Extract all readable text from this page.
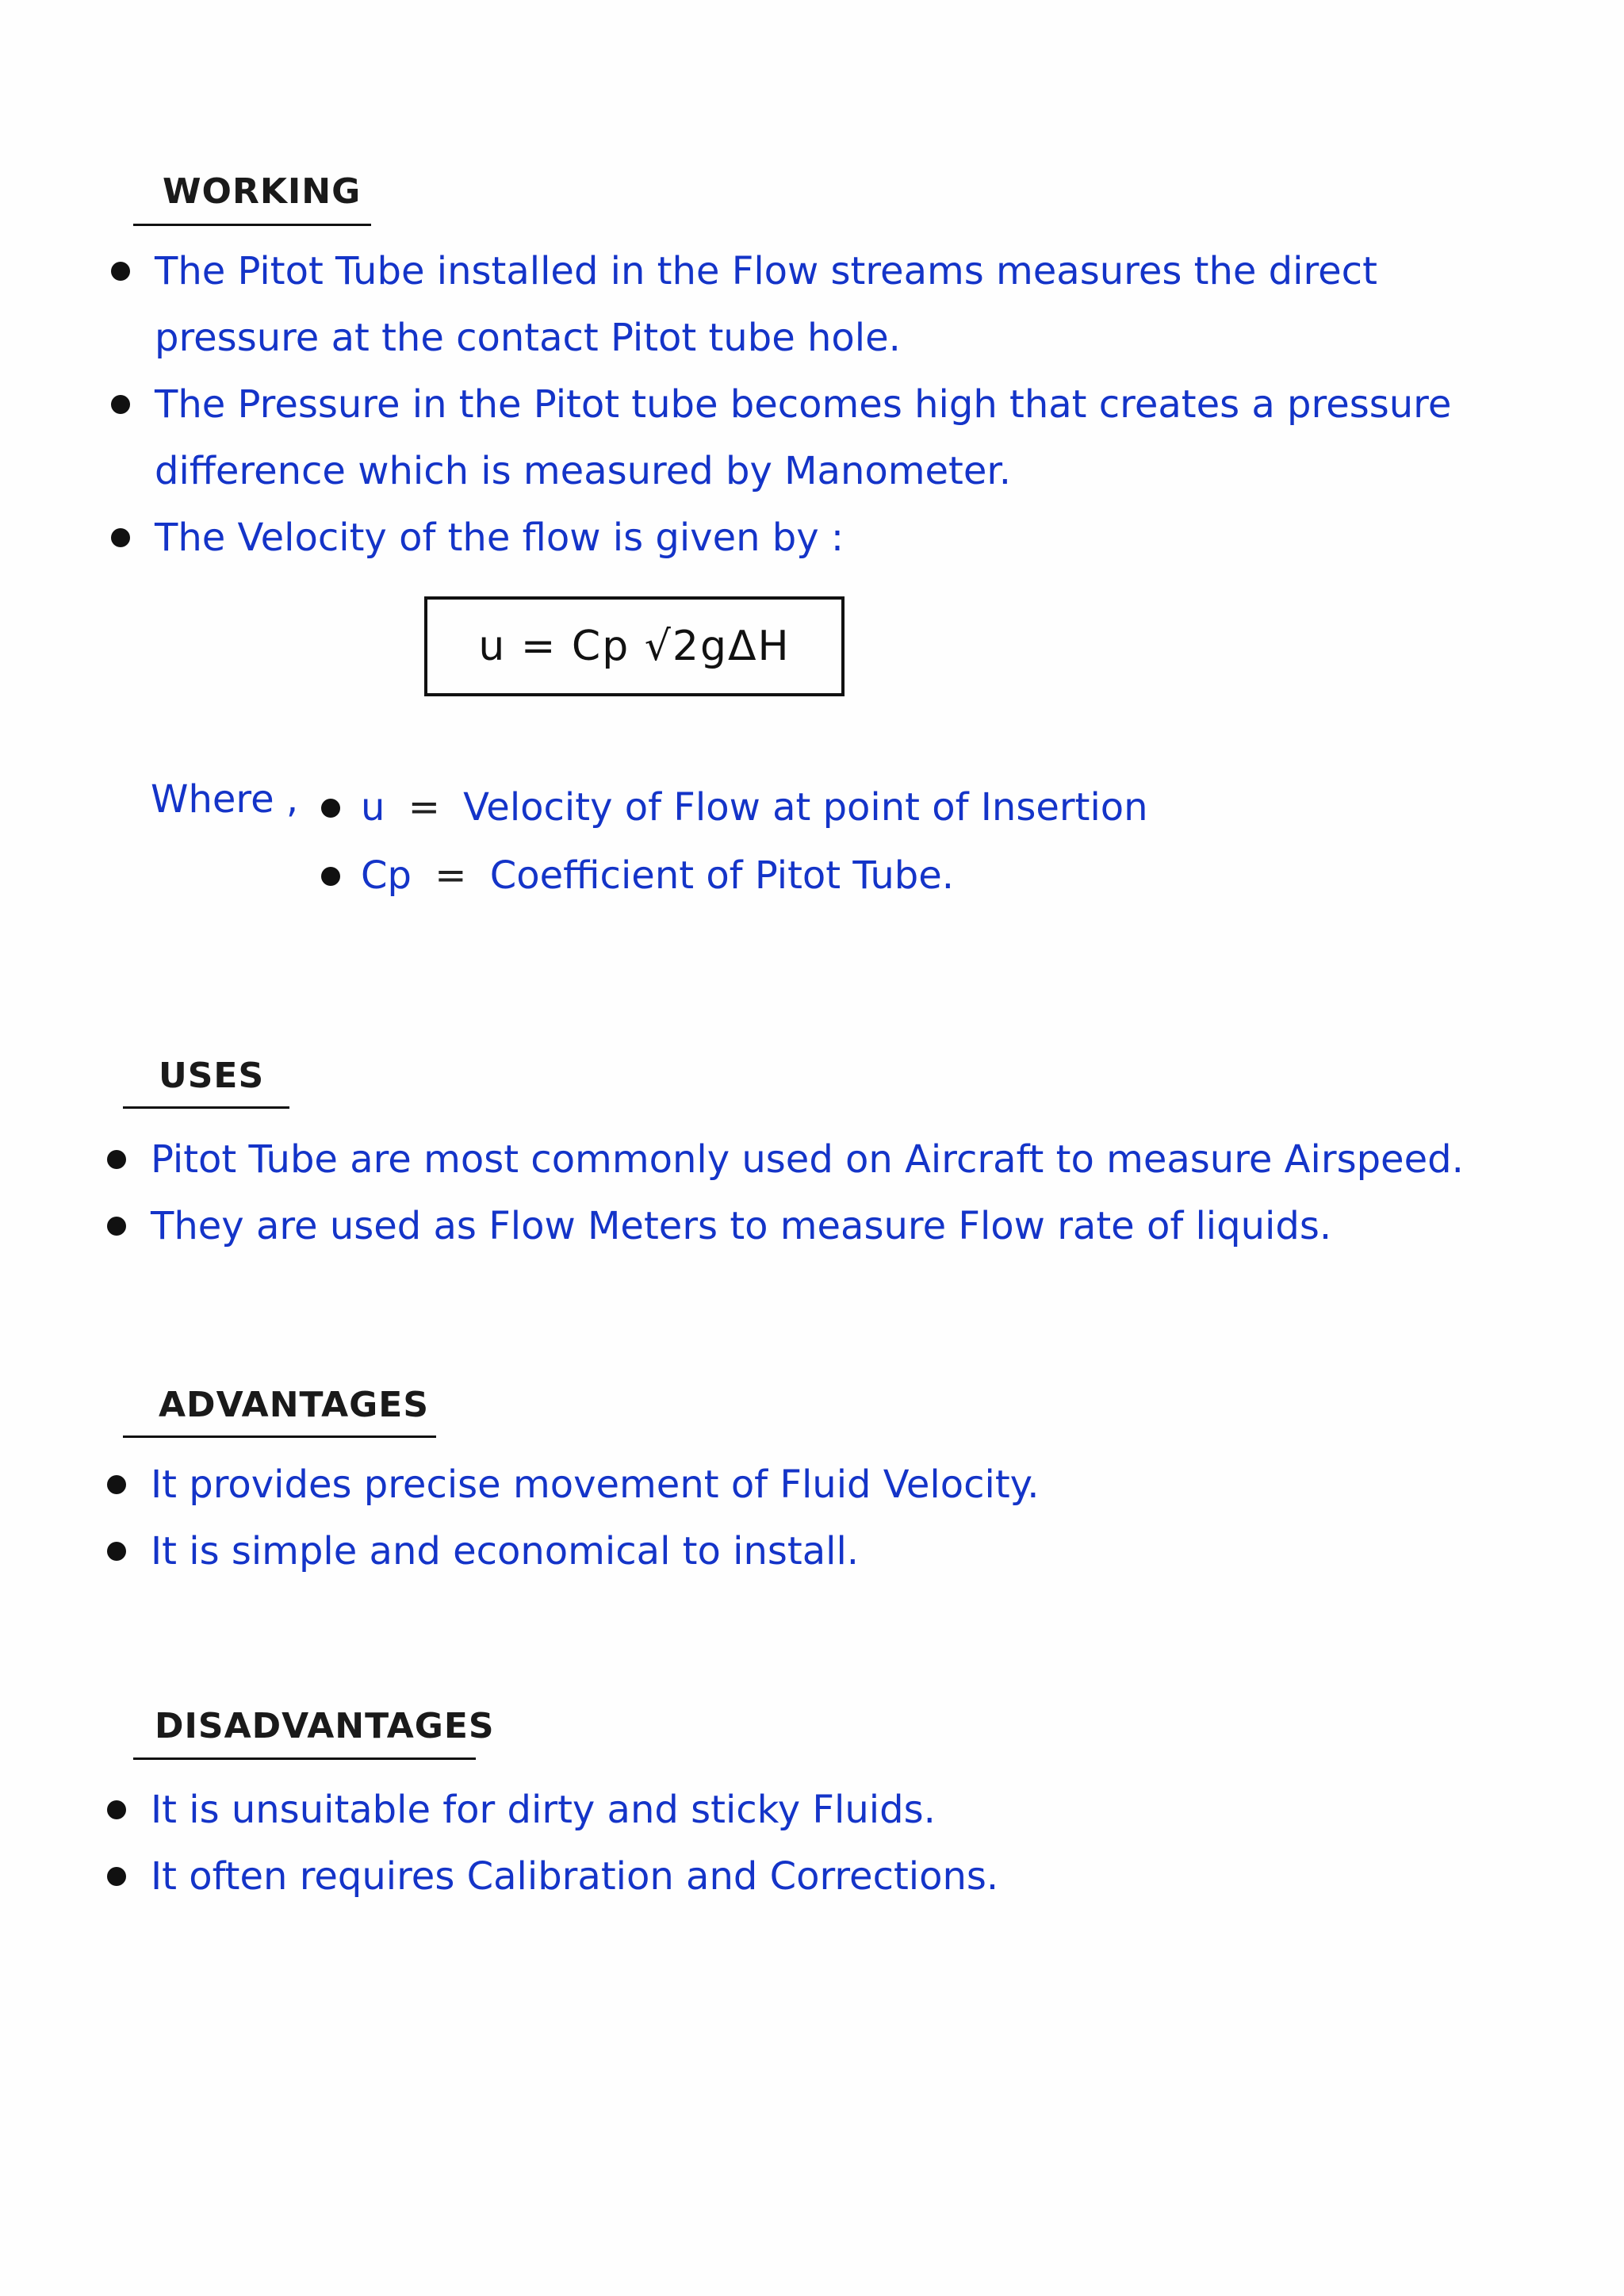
WORKING
The Pitot Tube installed in the Flow streams measures the direct pressure at the contact Pitot tube hole.
The Pressure in the Pitot tube becomes high that creates a pressure difference which is measured by Manometer.
The Velocity of the flow is given by :
u = Cp √2gΔH
Where ,	u = Velocity of Flow at point of Insertion
Cp = Coefficient of Pitot Tube.
USES
Pitot Tube are most commonly used on Aircraft to measure Airspeed.
They are used as Flow Meters to measure Flow rate of liquids.
ADVANTAGES
It provides precise movement of Fluid Velocity.
It is simple and economical to install.
DISADVANTAGES
It is unsuitable for dirty and sticky Fluids.
It often requires Calibration and Corrections.
